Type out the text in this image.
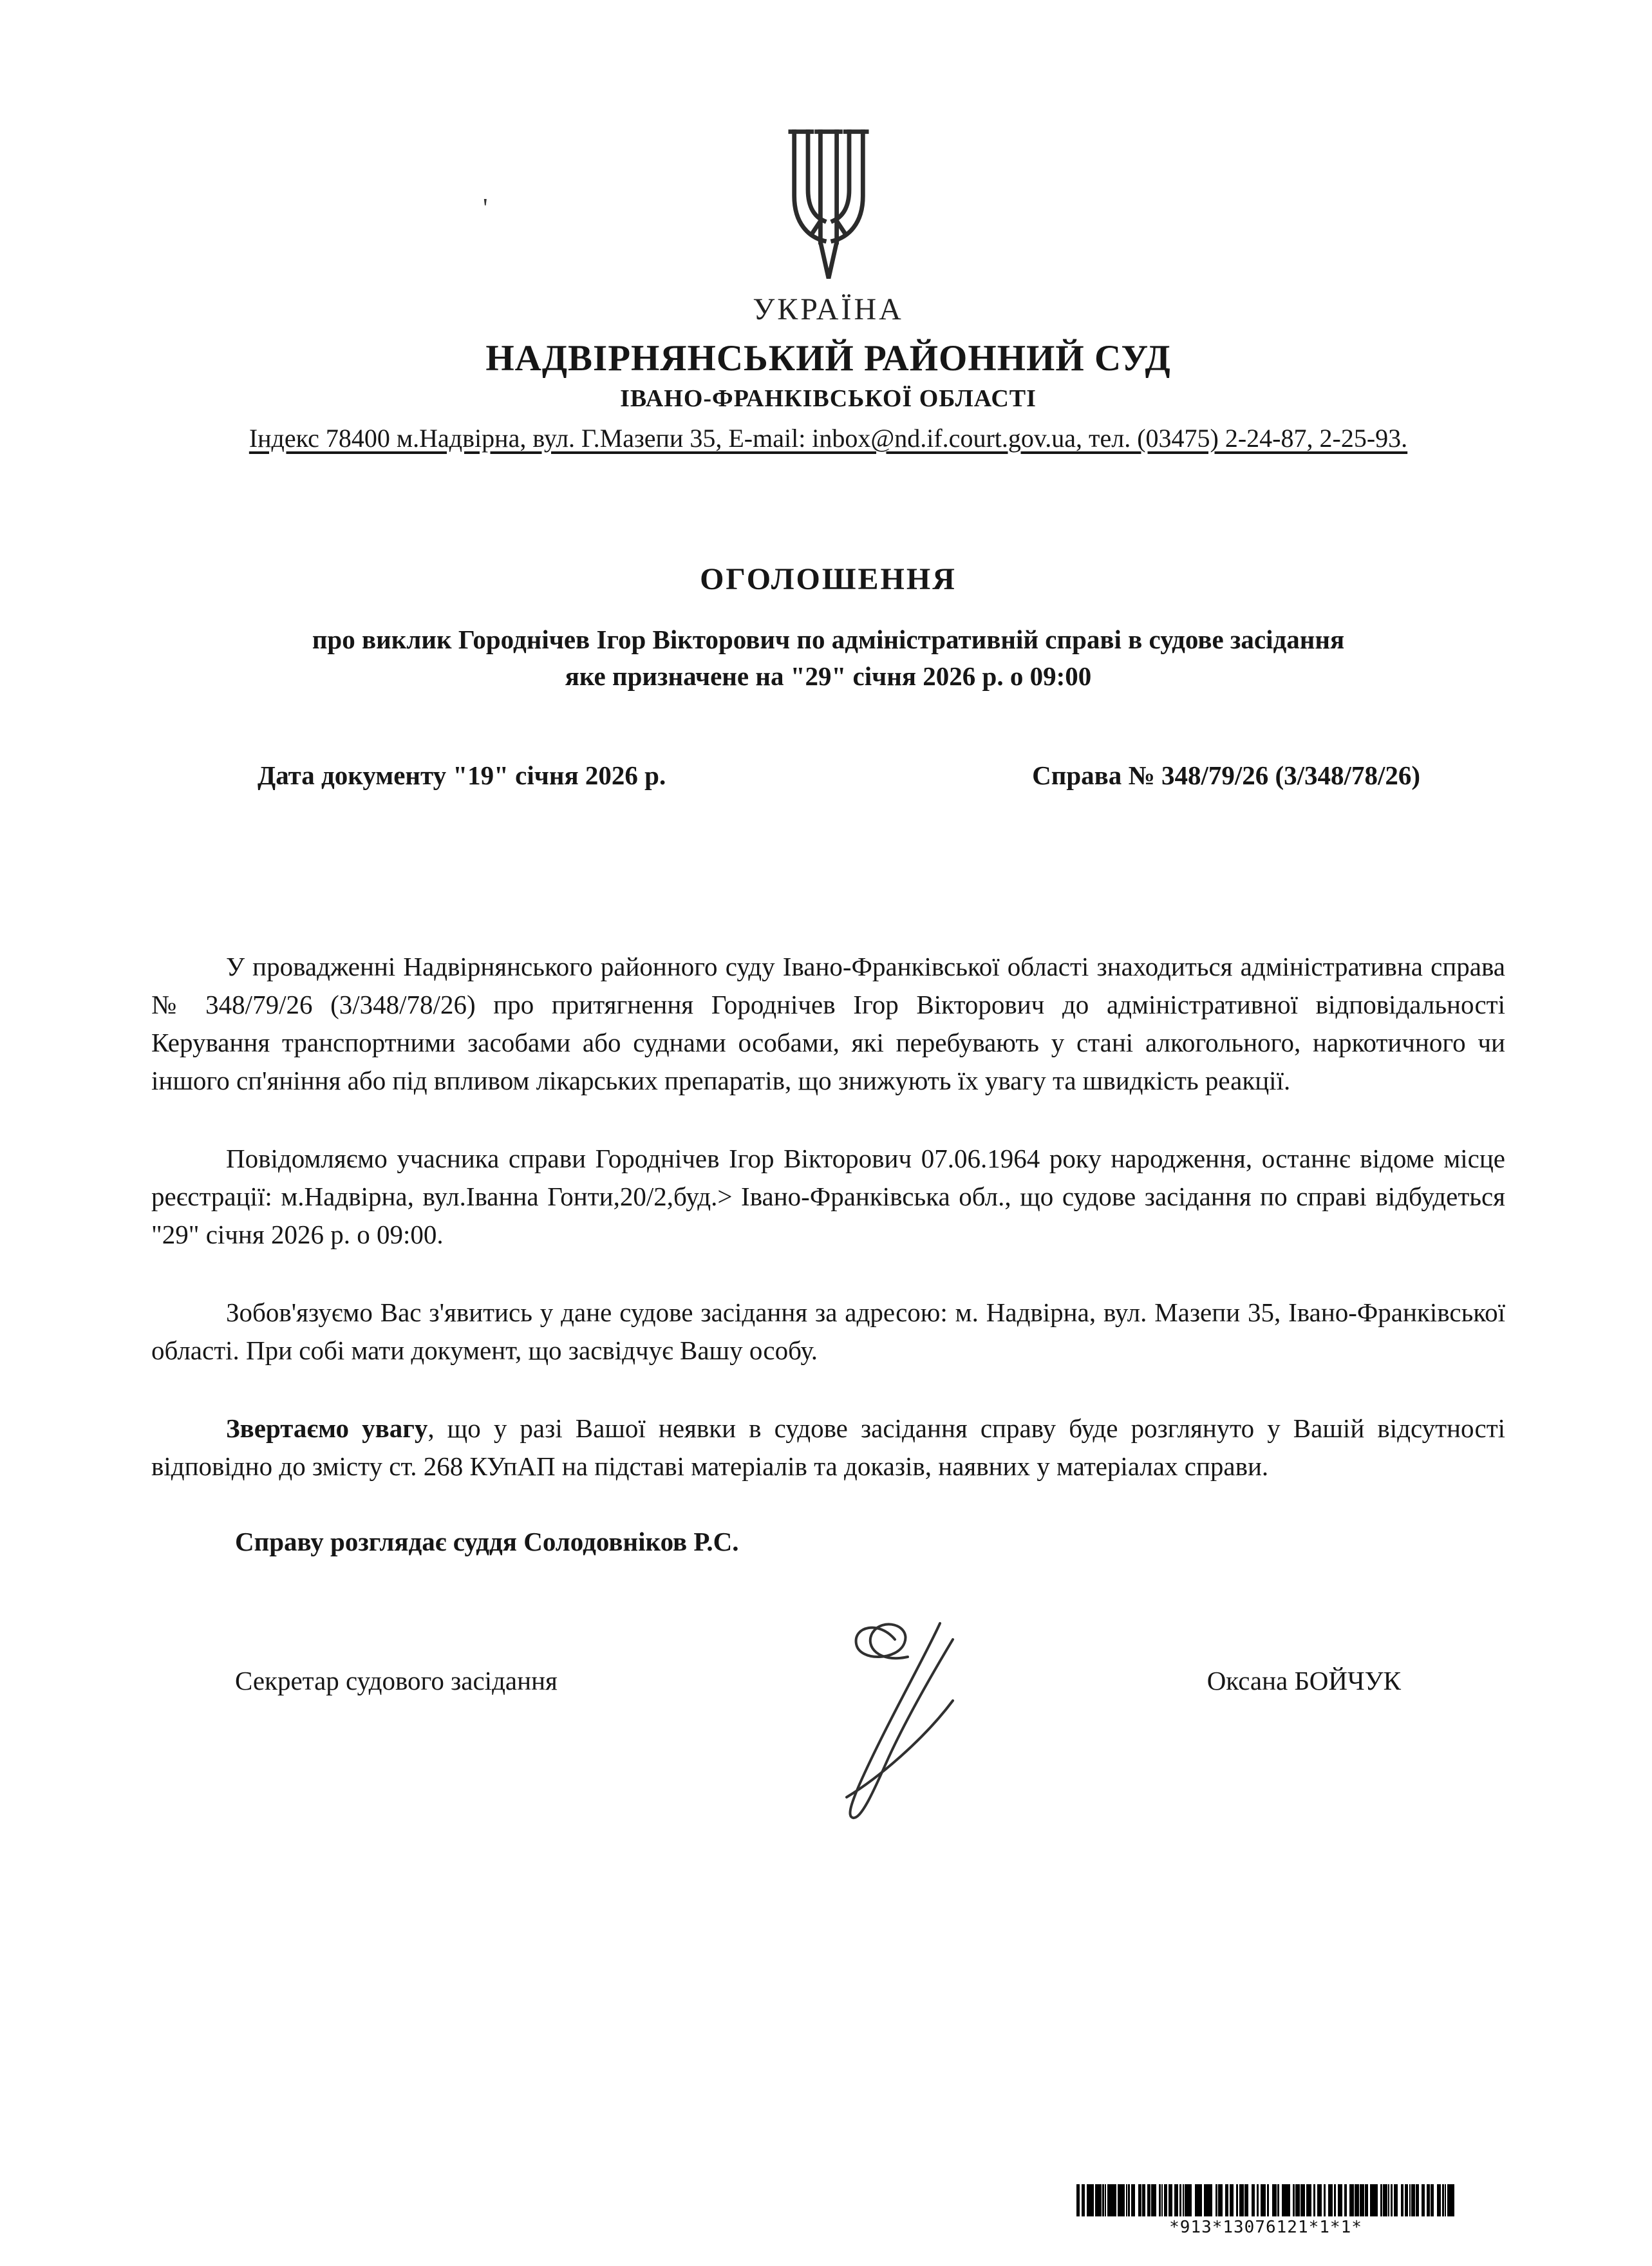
'
УКРАЇНА
НАДВІРНЯНСЬКИЙ РАЙОННИЙ СУД
ІВАНО-ФРАНКІВСЬКОЇ ОБЛАСТІ
Індекс 78400 м.Надвірна, вул. Г.Мазепи 35, E-mail: inbox@nd.if.court.gov.ua, тел. (03475) 2-24-87, 2-25-93.
ОГОЛОШЕННЯ
про виклик Городнічев Ігор Вікторович по адміністративній справі в судове засідання
яке призначене на "29" січня 2026 р. о 09:00
Дата документу "19" січня 2026 р.	Справа № 348/79/26 (3/348/78/26)

У провадженні Надвірнянського районного суду Івано-Франківської області знаходиться адміністративна справа № 348/79/26 (3/348/78/26) про притягнення Городнічев Ігор Вікторович до адміністративної відповідальності Керування транспортними засобами або суднами особами, які перебувають у стані алкогольного, наркотичного чи іншого сп'яніння або під впливом лікарських препаратів, що знижують їх увагу та швидкість реакції.

Повідомляємо учасника справи Городнічев Ігор Вікторович 07.06.1964 року народження, останнє відоме місце реєстрації: м.Надвірна, вул.Іванна Гонти,20/2,буд.> Івано-Франківська обл., що судове засідання по справі відбудеться "29" січня 2026 р. о 09:00.

Зобов'язуємо Вас з'явитись у дане судове засідання за адресою: м. Надвірна, вул. Мазепи 35, Івано-Франківської області. При собі мати документ, що засвідчує Вашу особу.

Звертаємо увагу, що у разі Вашої неявки в судове засідання справу буде розглянуто у Вашій відсутності відповідно до змісту ст. 268 КУпАП на підставі матеріалів та доказів, наявних у матеріалах справи.

Справу розглядає суддя Солодовніков Р.С.
Секретар судового засідання	Оксана БОЙЧУК
*913*13076121*1*1*
